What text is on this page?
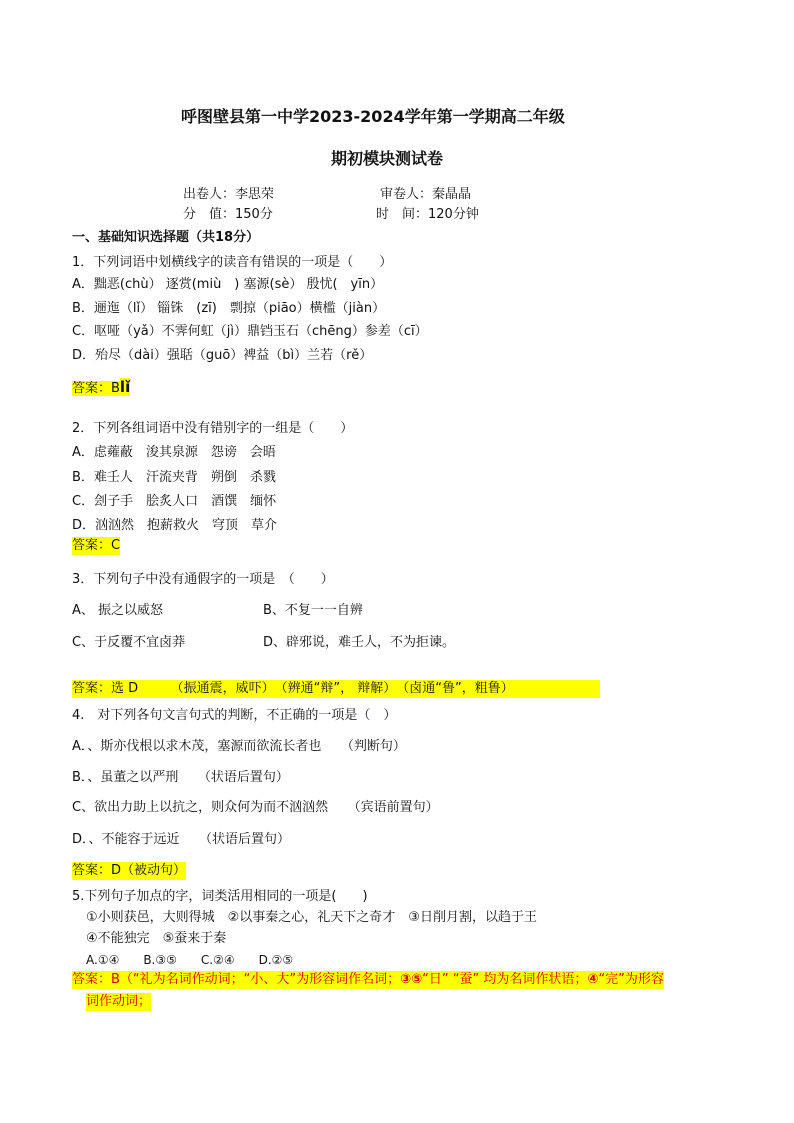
呼图壁县第一中学2023-2024学年第一学期高二年级
期初模块测试卷
出卷人：李思荣	审卷人：秦晶晶
分　值：150分	时　间：120分钟
一、基础知识选择题（共18分）
1．下列词语中划横线字的读音有错误的一项是（　　）
A．黜恶(chù） 逐赏(miù　) 塞源(sè） 殷忧(　yīn）
B．逦迤（lǐ） 锱铢　(zī)　剽掠（piāo）横槛（jiàn）
C．呕哑（yǎ）不霁何虹（jì）鼎铛玉石（chēng）参差（cī）
D．殆尽（dài）强聒（guō）裨益（bì）兰若（rě）
答案：Blǐ
2．下列各组词语中没有错别字的一组是（　　）
A．虑蕹蔽　浚其泉源　怨谤　会晤
B．难壬人　汗流夹背　朔倒　杀戮
C．刽子手　脍炙人口　酒馔　缅怀
D．汹汹然　抱薪救火　穹顶　草介
答案：C
3．下列句子中没有通假字的一项是　（　　）
A、 振之以威怒	B、不复一一自辨
C、于反覆不宜卤莽	D、辟邪说，难壬人，不为拒谏。
答案：选 D　　　（振通震，威吓）　（辨通“辩”， 辩解）　（卤通“鲁”，粗鲁）
4.　对下列各句文言句式的判断，不正确的一项是（　）
A．、斯亦伐根以求木茂，塞源而欲流长者也　　（判断句）
B．、虽董之以严刑　　（状语后置句）
C、欲出力助上以抗之，则众何为而不汹汹然　　（宾语前置句）
D．、不能容于远近　　（状语后置句）
答案：D（被动句）
5.下列句子加点的字，词类活用相同的一项是(　　)
①小则获邑，大则得城　②以事秦之心，礼天下之奇才　③日削月割，以趋于王
④不能独完　⑤蚕来于秦
A.①④　　B.③⑤　　C.②④　　D.②⑤
答案：B（“礼为名词作动词；“小、大”为形容词作名词；③⑤“日” “蚕” 均为名词作状语；④“完”为形容
词作动词；
